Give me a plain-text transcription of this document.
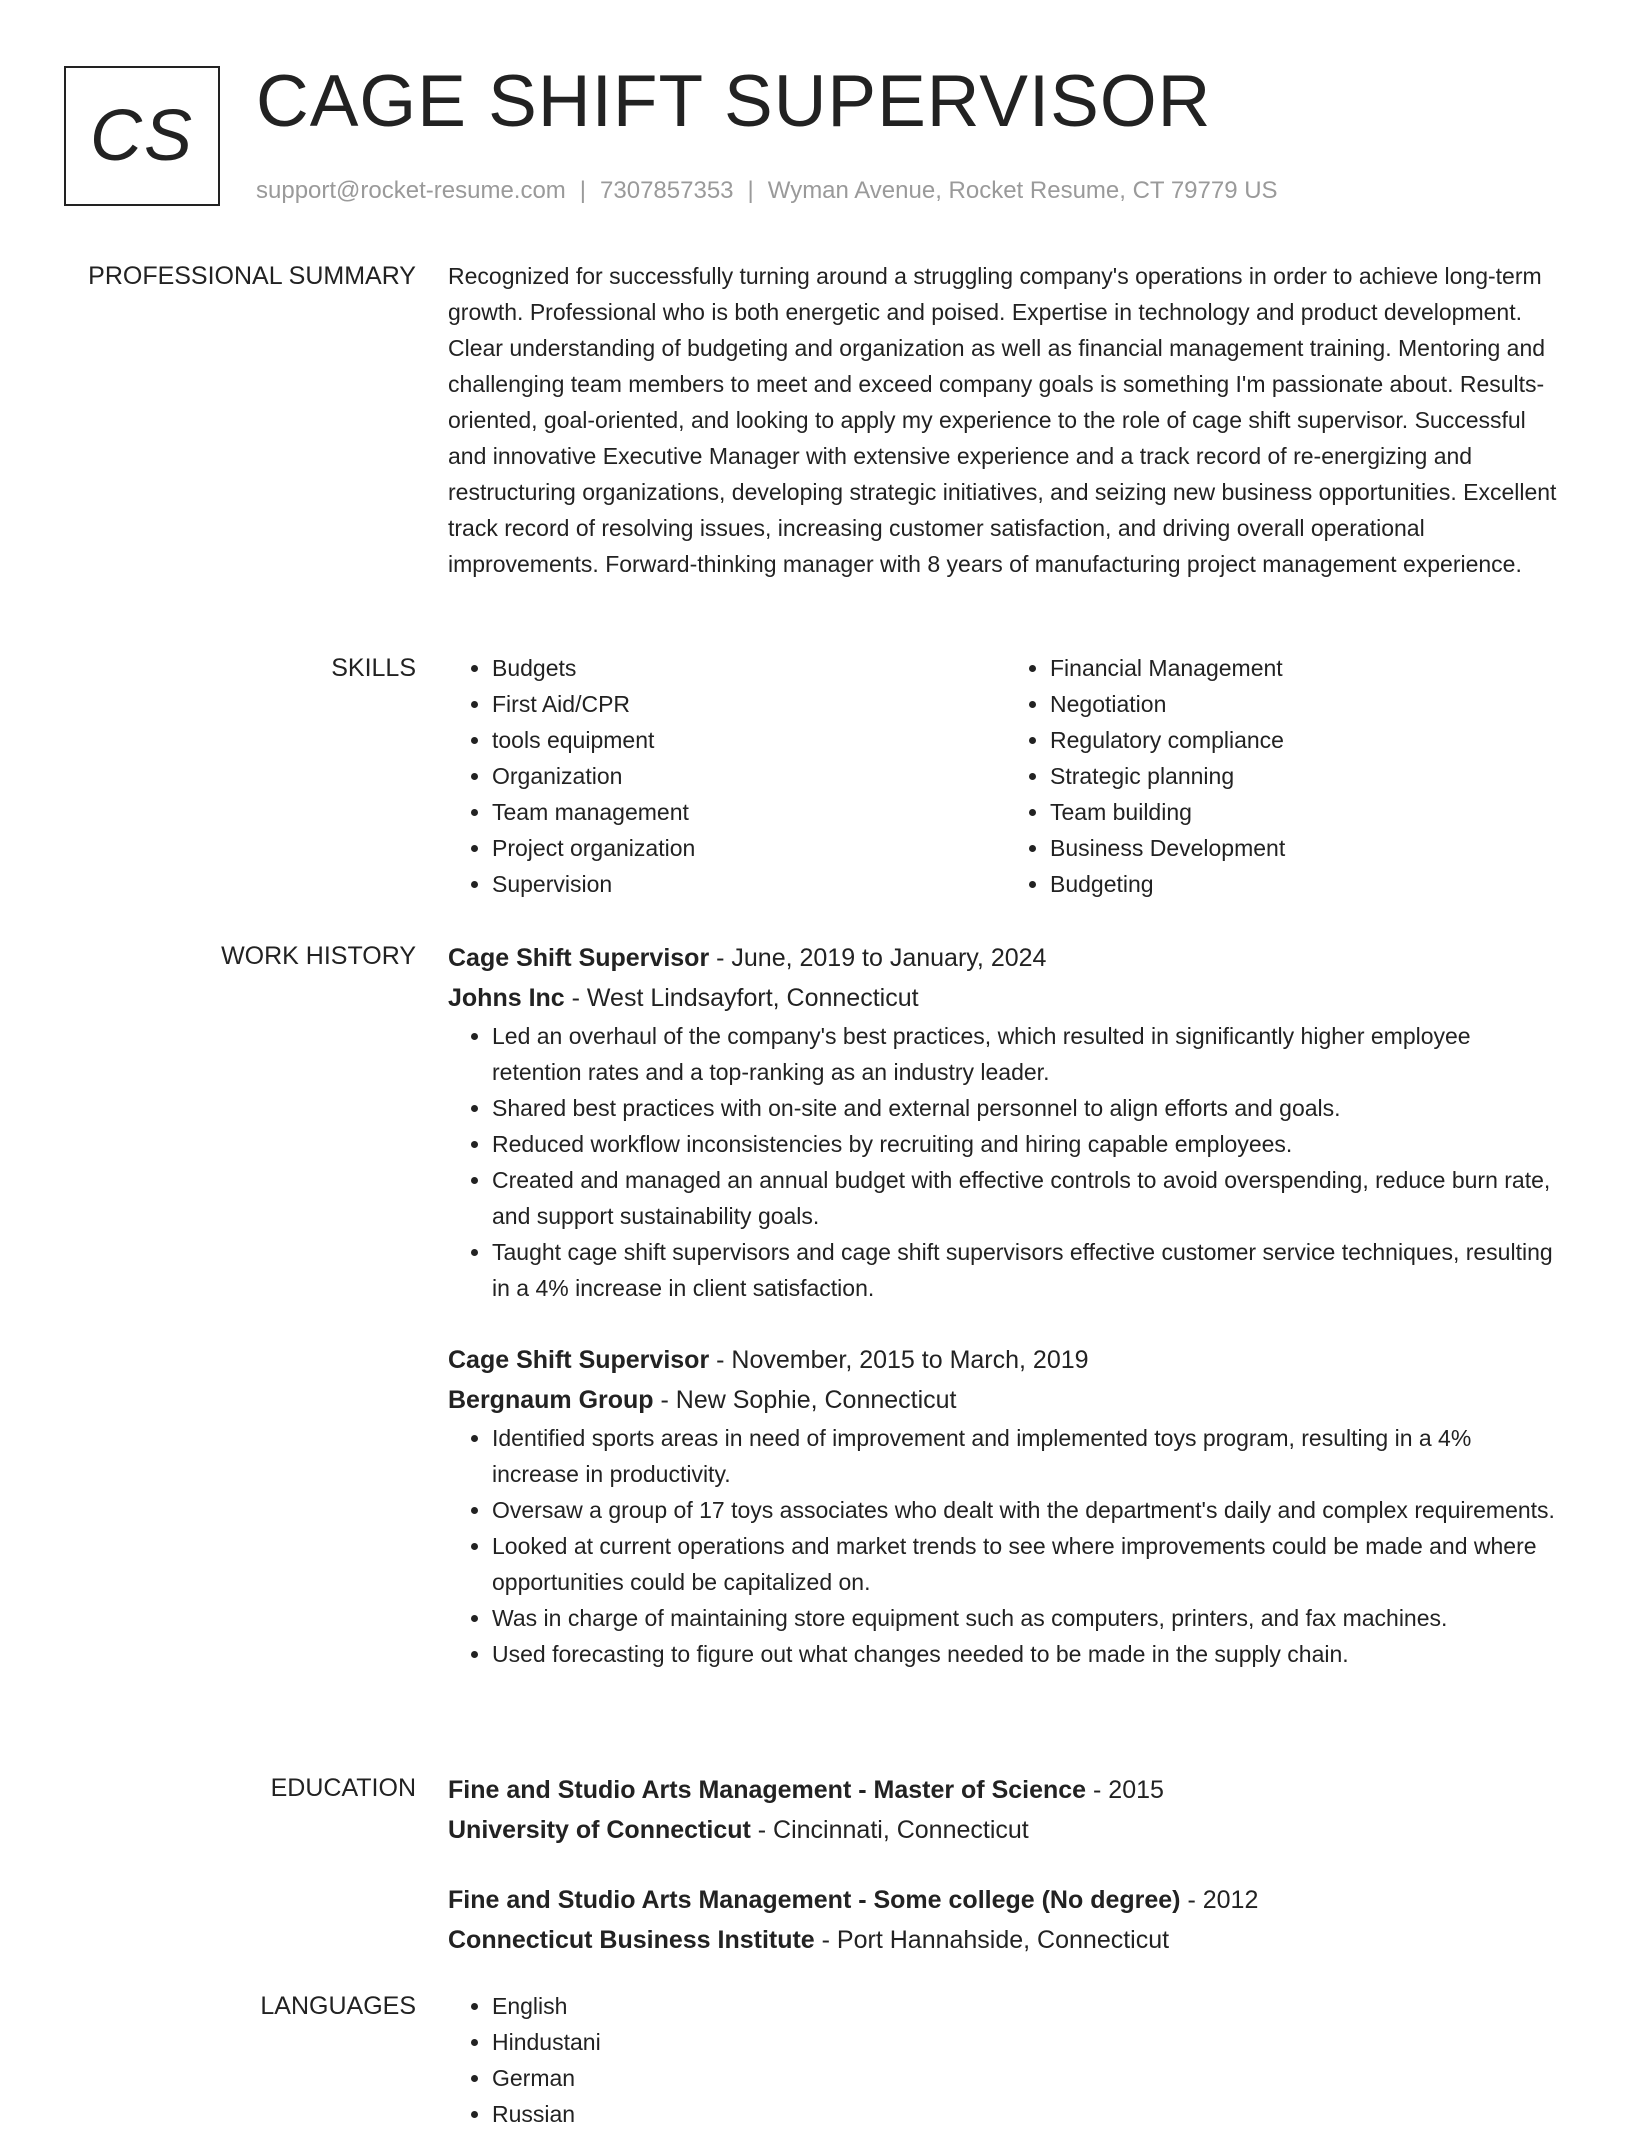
CS CAGE SHIFT SUPERVISOR
support@rocket-resume.com | 7307857353 | Wyman Avenue, Rocket Resume, CT 79779 US
PROFESSIONAL SUMMARY Recognized for successfully turning around a struggling company's operations in order to achieve long-term growth. Professional who is both energetic and poised. Expertise in technology and product development. Clear understanding of budgeting and organization as well as financial management training. Mentoring and challenging team members to meet and exceed company goals is something I'm passionate about. Results-oriented, goal-oriented, and looking to apply my experience to the role of cage shift supervisor. Successful and innovative Executive Manager with extensive experience and a track record of re-energizing and restructuring organizations, developing strategic initiatives, and seizing new business opportunities. Excellent track record of resolving issues, increasing customer satisfaction, and driving overall operational improvements. Forward-thinking manager with 8 years of manufacturing project management experience.

SKILLS	• Budgets
• First Aid/CPR
• tools equipment
• Organization
• Team management
• Project organization
• Supervision
• Financial Management
• Negotiation
• Regulatory compliance
• Strategic planning
• Team building
• Business Development
• Budgeting
WORK HISTORY Cage Shift Supervisor - June, 2019 to January, 2024
Johns Inc - West Lindsayfort, Connecticut
• Led an overhaul of the company's best practices, which resulted in significantly higher employee retention rates and a top-ranking as an industry leader.
• Shared best practices with on-site and external personnel to align efforts and goals.
• Reduced workflow inconsistencies by recruiting and hiring capable employees.
• Created and managed an annual budget with effective controls to avoid overspending, reduce burn rate, and support sustainability goals.
• Taught cage shift supervisors and cage shift supervisors effective customer service techniques, resulting in a 4% increase in client satisfaction.
Cage Shift Supervisor - November, 2015 to March, 2019
Bergnaum Group - New Sophie, Connecticut
• Identified sports areas in need of improvement and implemented toys program, resulting in a 4% increase in productivity.
• Oversaw a group of 17 toys associates who dealt with the department's daily and complex requirements.
• Looked at current operations and market trends to see where improvements could be made and where opportunities could be capitalized on.
• Was in charge of maintaining store equipment such as computers, printers, and fax machines.
• Used forecasting to figure out what changes needed to be made in the supply chain.
EDUCATION Fine and Studio Arts Management - Master of Science - 2015
University of Connecticut - Cincinnati, Connecticut
Fine and Studio Arts Management - Some college (No degree) - 2012
Connecticut Business Institute - Port Hannahside, Connecticut
LANGUAGES	• English
• Hindustani
• German
• Russian
